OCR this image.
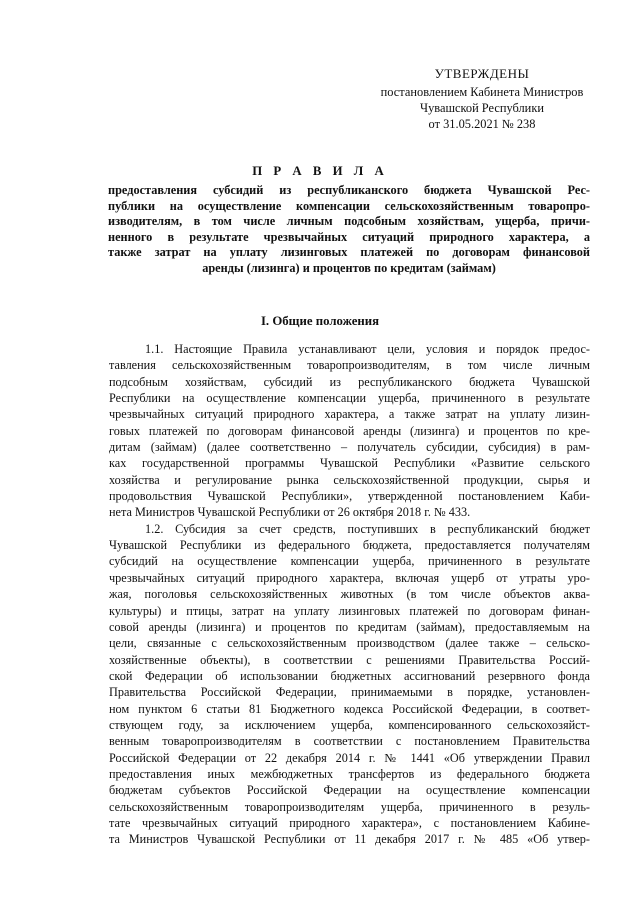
УТВЕРЖДЕНЫ
постановлением Кабинета Министров
Чувашской Республики
от 31.05.2021 № 238
П Р А В И Л А
предоставления субсидий из республиканского бюджета Чувашской Рес-
публики на осуществление компенсации сельскохозяйственным товаропро-
изводителям, в том числе личным подсобным хозяйствам, ущерба, причи-
ненного в результате чрезвычайных ситуаций природного характера, а
также затрат на уплату лизинговых платежей по договорам финансовой
аренды (лизинга) и процентов по кредитам (займам)
I. Общие положения
1.1. Настоящие Правила устанавливают цели, условия и порядок предос-
тавления сельскохозяйственным товаропроизводителям, в том числе личным
подсобным хозяйствам, субсидий из республиканского бюджета Чувашской
Республики на осуществление компенсации ущерба, причиненного в результате
чрезвычайных ситуаций природного характера, а также затрат на уплату лизин-
говых платежей по договорам финансовой аренды (лизинга) и процентов по кре-
дитам (займам) (далее соответственно – получатель субсидии, субсидия) в рам-
ках государственной программы Чувашской Республики «Развитие сельского
хозяйства и регулирование рынка сельскохозяйственной продукции, сырья и
продовольствия Чувашской Республики», утвержденной постановлением Каби-
нета Министров Чувашской Республики от 26 октября 2018 г. № 433.
1.2. Субсидия за счет средств, поступивших в республиканский бюджет
Чувашской Республики из федерального бюджета, предоставляется получателям
субсидий на осуществление компенсации ущерба, причиненного в результате
чрезвычайных ситуаций природного характера, включая ущерб от утраты уро-
жая, поголовья сельскохозяйственных животных (в том числе объектов аква-
культуры) и птицы, затрат на уплату лизинговых платежей по договорам финан-
совой аренды (лизинга) и процентов по кредитам (займам), предоставляемым на
цели, связанные с сельскохозяйственным производством (далее также – сельско-
хозяйственные объекты), в соответствии с решениями Правительства Россий-
ской Федерации об использовании бюджетных ассигнований резервного фонда
Правительства Российской Федерации, принимаемыми в порядке, установлен-
ном пунктом 6 статьи 81 Бюджетного кодекса Российской Федерации, в соответ-
ствующем году, за исключением ущерба, компенсированного сельскохозяйст-
венным товаропроизводителям в соответствии с постановлением Правительства
Российской Федерации от 22 декабря 2014 г. № 1441 «Об утверждении Правил
предоставления иных межбюджетных трансфертов из федерального бюджета
бюджетам субъектов Российской Федерации на осуществление компенсации
сельскохозяйственным товаропроизводителям ущерба, причиненного в резуль-
тате чрезвычайных ситуаций природного характера», с постановлением Кабине-
та Министров Чувашской Республики от 11 декабря 2017 г. № 485 «Об утвер-
